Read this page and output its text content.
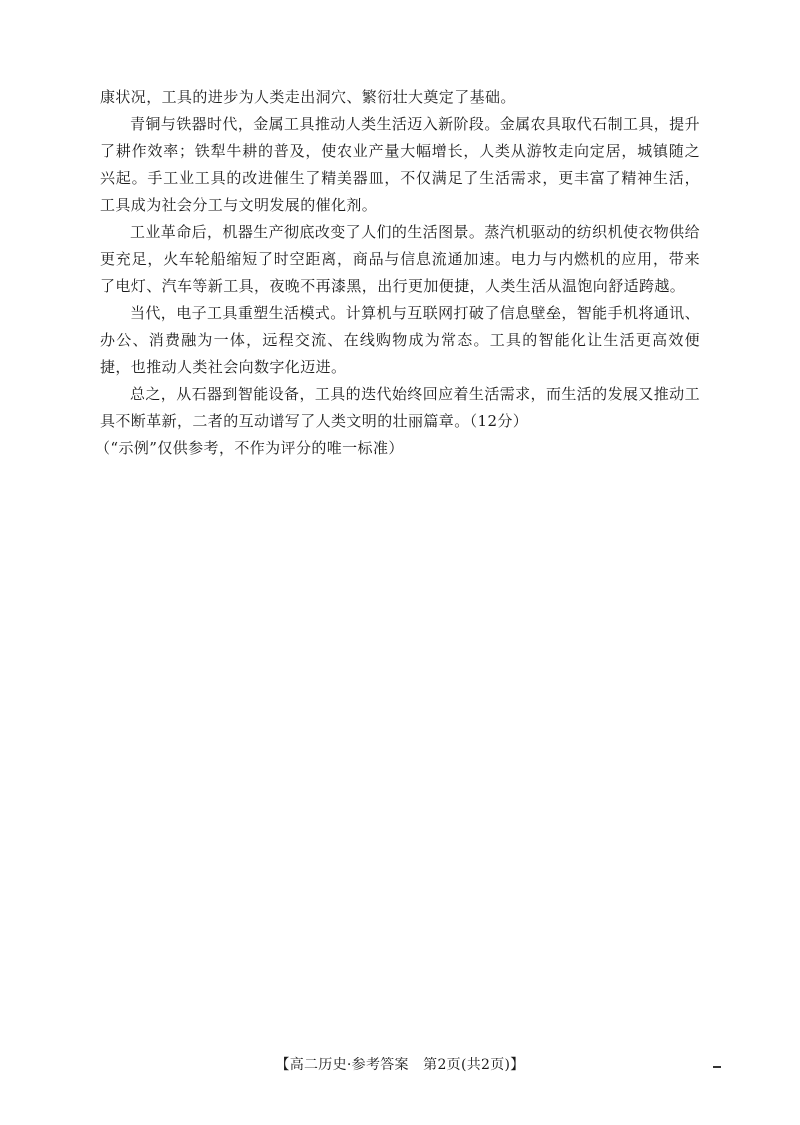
康状况，工具的进步为人类走出洞穴、繁衍壮大奠定了基础。

青铜与铁器时代，金属工具推动人类生活迈入新阶段。金属农具取代石制工具，提升了耕作效率；铁犁牛耕的普及，使农业产量大幅增长，人类从游牧走向定居，城镇随之兴起。手工业工具的改进催生了精美器皿，不仅满足了生活需求，更丰富了精神生活，工具成为社会分工与文明发展的催化剂。

工业革命后，机器生产彻底改变了人们的生活图景。蒸汽机驱动的纺织机使衣物供给更充足，火车轮船缩短了时空距离，商品与信息流通加速。电力与内燃机的应用，带来了电灯、汽车等新工具，夜晚不再漆黑，出行更加便捷，人类生活从温饱向舒适跨越。

当代，电子工具重塑生活模式。计算机与互联网打破了信息壁垒，智能手机将通讯、办公、消费融为一体，远程交流、在线购物成为常态。工具的智能化让生活更高效便捷，也推动人类社会向数字化迈进。

总之，从石器到智能设备，工具的迭代始终回应着生活需求，而生活的发展又推动工具不断革新，二者的互动谱写了人类文明的壮丽篇章。（12分）

（“示例”仅供参考，不作为评分的唯一标准）

【高二历史·参考答案　第2页(共2页)】
